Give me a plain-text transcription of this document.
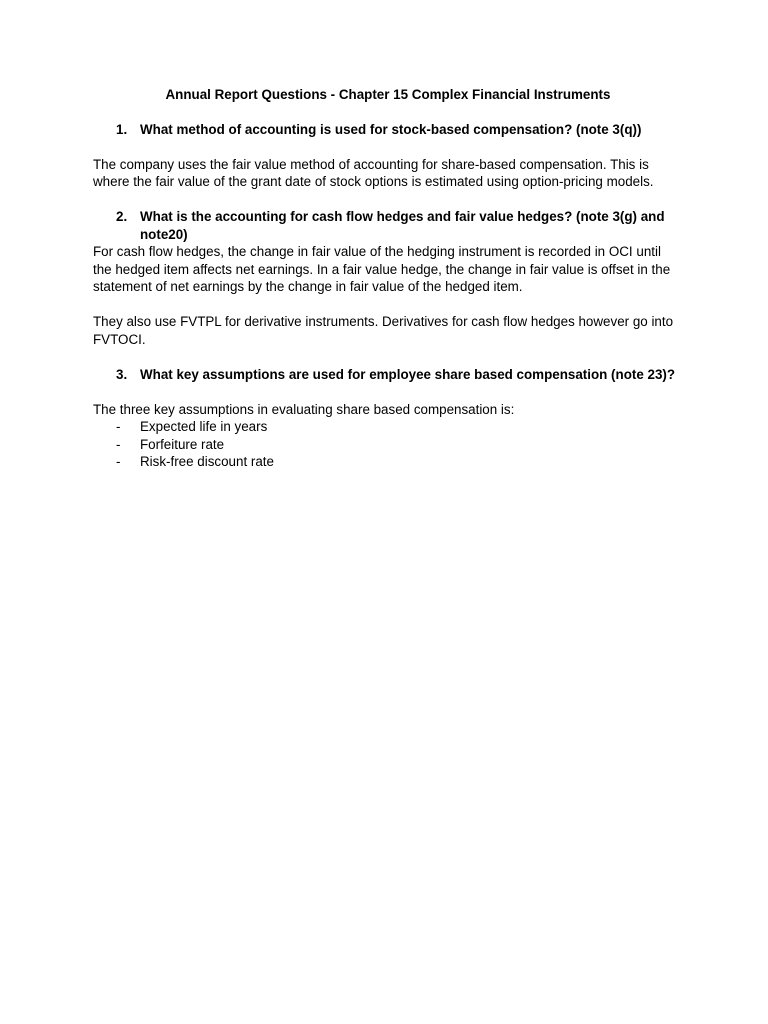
Annual Report Questions - Chapter 15 Complex Financial Instruments
1. What method of accounting is used for stock-based compensation? (note 3(q))

The company uses the fair value method of accounting for share-based compensation. This is where the fair value of the grant date of stock options is estimated using option-pricing models.

2. What is the accounting for cash flow hedges and fair value hedges? (note 3(g) and note20)

For cash flow hedges, the change in fair value of the hedging instrument is recorded in OCI until the hedged item affects net earnings. In a fair value hedge, the change in fair value is offset in the statement of net earnings by the change in fair value of the hedged item.

They also use FVTPL for derivative instruments. Derivatives for cash flow hedges however go into FVTOCI.

3. What key assumptions are used for employee share based compensation (note 23)?

The three key assumptions in evaluating share based compensation is:

-	Expected life in years
-	Forfeiture rate
-	Risk-free discount rate
